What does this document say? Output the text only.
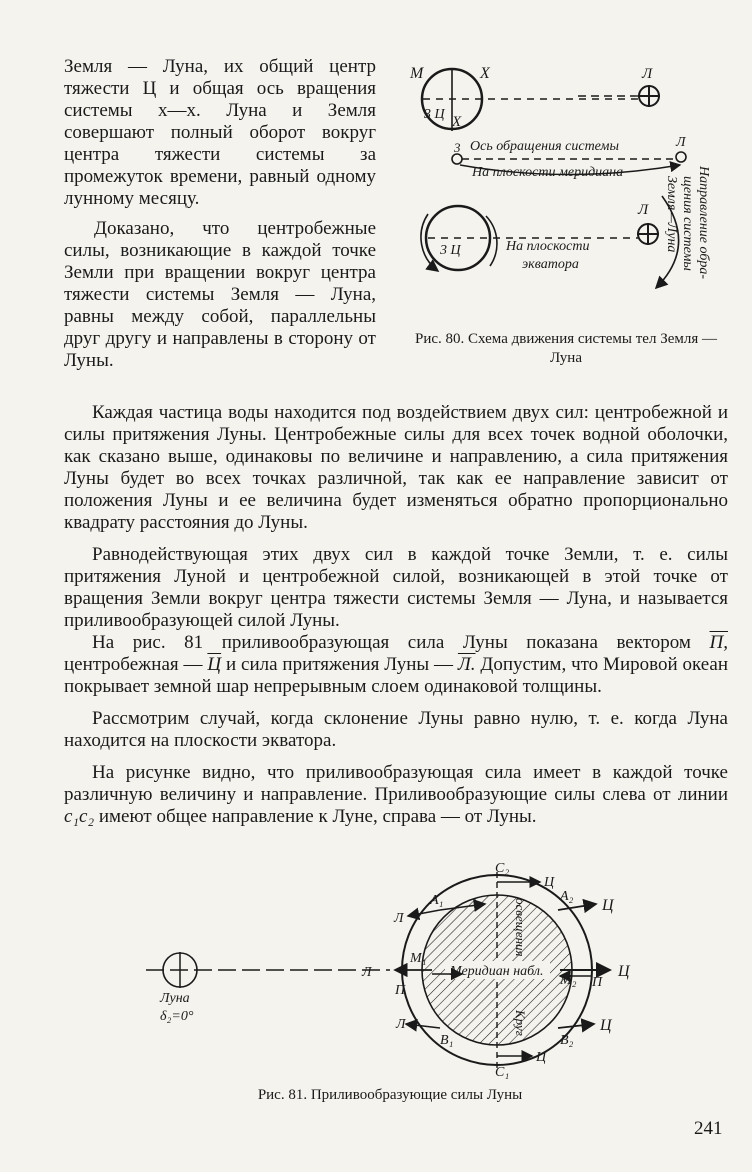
Земля — Луна, их общий центр тяжести Ц и общая ось вращения системы x—x. Луна и Земля совершают полный оборот вокруг центра тяжести системы за промежуток времени, равный одному лунному месяцу.

Доказано, что центробежные силы, возникающие в каждой точке Земли при вращении вокруг центра тяжести системы Земля — Луна, равны между собой, параллельны друг другу и направлены в сторону от Луны.

M	X
X
3 Ц
Л
3	Л
Ось обращения системы
На плоскости меридиана
3 Ц
Л
На плоскости
экватора	Направление обра-
щения системы
Земля—Луна
Рис. 80. Схема движения системы тел Земля — Луна

Каждая частица воды находится под воздействием двух сил: центробежной и силы притяжения Луны. Центробежные силы для всех точек водной оболочки, как сказано выше, одинаковы по величине и направлению, а сила притяжения Луны будет во всех точках различной, так как ее направление зависит от положения Луны и ее величина будет изменяться обратно пропорционально квадрату расстояния до Луны.

Равнодействующая этих двух сил в каждой точке Земли, т. е. силы притяжения Луной и центробежной силой, возникающей в этой точке от вращения Земли вокруг центра тяжести системы Земля — Луна, и называется приливообразующей силой Луны.

На рис. 81 приливообразующая сила Луны показана вектором П, центробежная — Ц и сила притяжения Луны — Л. Допустим, что Мировой океан покрывает земной шар непрерывным слоем одинаковой толщины.

Рассмотрим случай, когда склонение Луны равно нулю, т. е. когда Луна находится на плоскости экватора.

На рисунке видно, что приливообразующая сила имеет в каждой точке различную величину и направление. Приливообразующие силы слева от линии c₁c₂ имеют общее направление к Луне, справа — от Луны.

Луна
δ₂=0°
Меридиан набл.
освещения
Круг
Л
M₁
П
Ц
M₂ П
C₂
Ц
A₁
Л
A₂
Ц
B₁
Л
B₂
Ц
Ц
C₁
Рис. 81. Приливообразующие силы Луны
241
